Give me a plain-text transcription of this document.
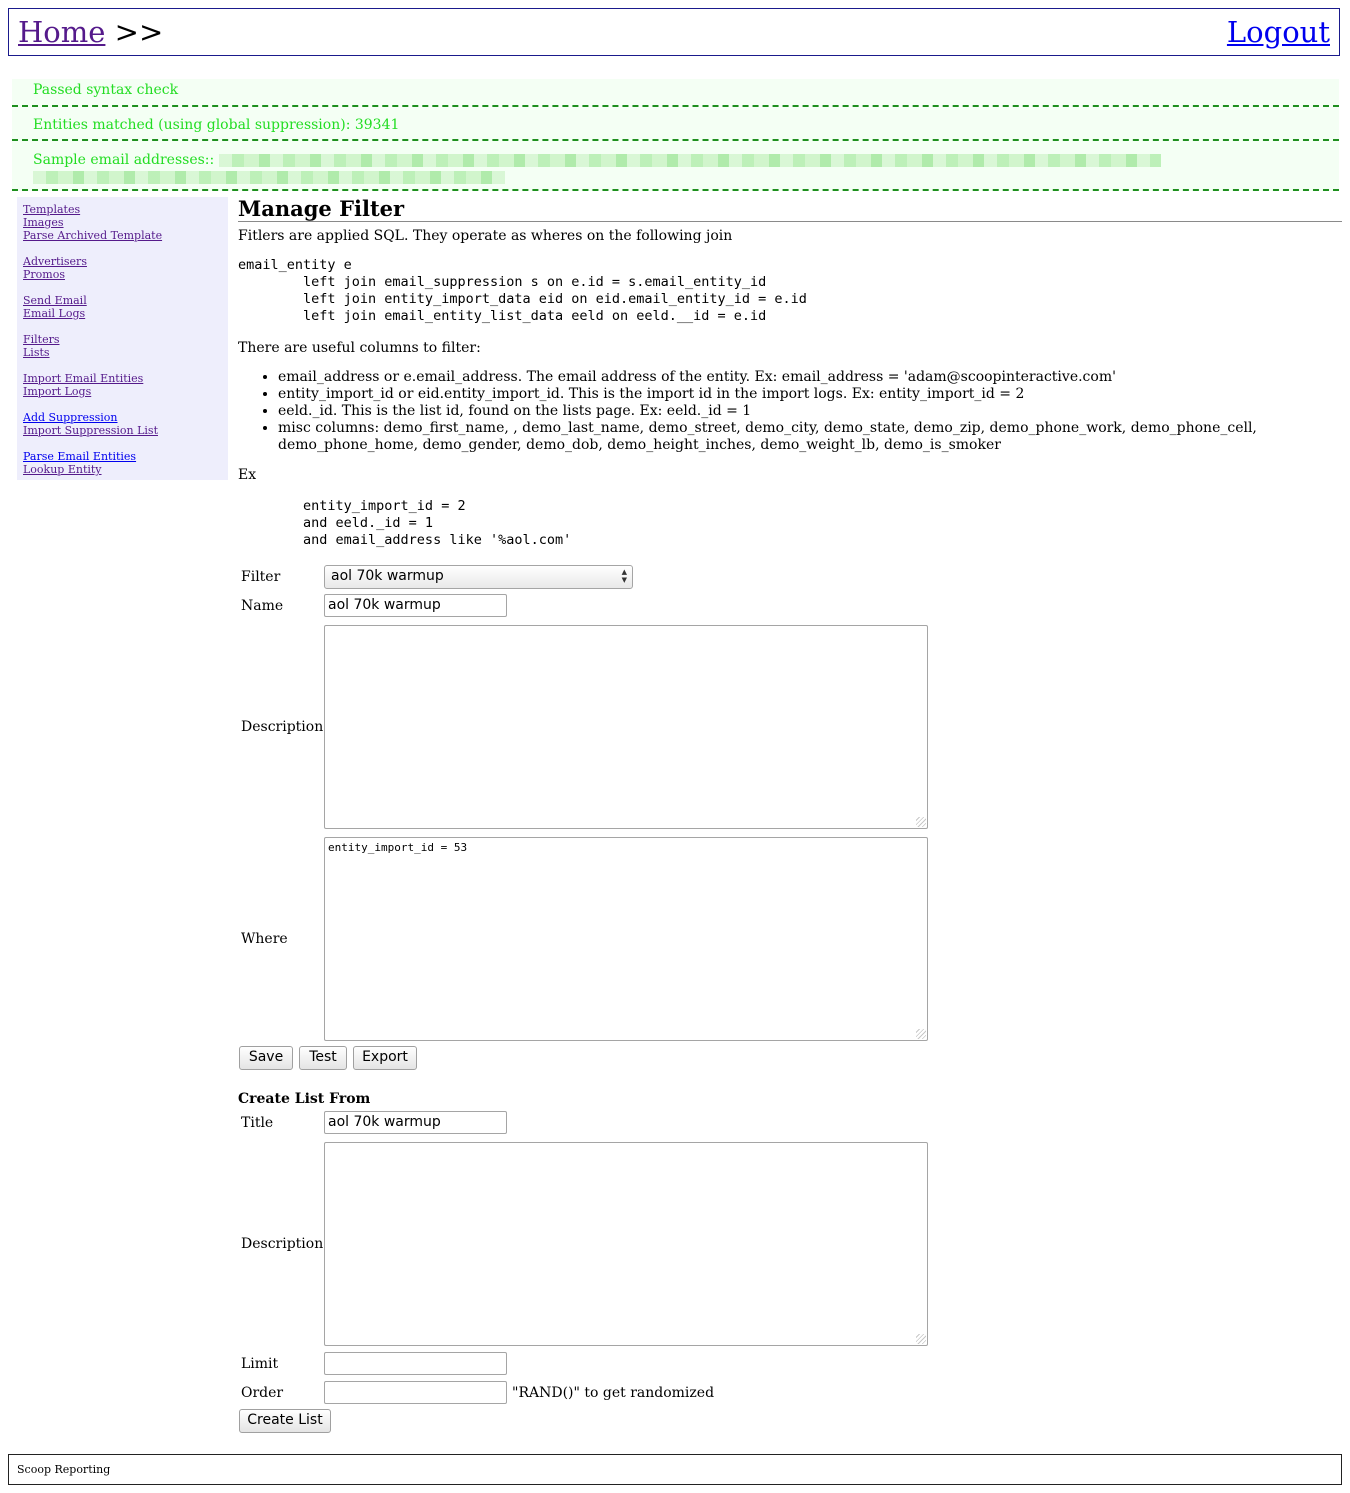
Home >>	Logout
Passed syntax check
Entities matched (using global suppression): 39341
Sample email addresses::

Templates
Images
Parse Archived Template
Advertisers
Promos
Send Email
Email Logs
Filters
Lists
Import Email Entities
Import Logs
Add Suppression
Import Suppression List
Parse Email Entities
Lookup Entity
Manage Filter
Fitlers are applied SQL. They operate as wheres on the following join
email_entity e
left join email_suppression s on e.id = s.email_entity_id
left join entity_import_data eid on eid.email_entity_id = e.id
left join email_entity_list_data eeld on eeld.__id = e.id
There are useful columns to filter:
• email_address or e.email_address. The email address of the entity. Ex: email_address = 'adam@scoopinteractive.com'
• entity_import_id or eid.entity_import_id. This is the import id in the import logs. Ex: entity_import_id = 2
• eeld._id. This is the list id, found on the lists page. Ex: eeld._id = 1
• misc columns: demo_first_name, , demo_last_name, demo_street, demo_city, demo_state, demo_zip, demo_phone_work, demo_phone_cell, demo_phone_home, demo_gender, demo_dob, demo_height_inches, demo_weight_lb, demo_is_smoker
Ex
entity_import_id = 2
and eeld._id = 1
and email_address like '%aol.com'
Filter	aol 70k warmup	▲
▼
Name	aol 70k warmup
Description
Where
entity_import_id = 53
Save	Test	Export
Create List From
Title	aol 70k warmup
Description
Limit
Order	"RAND()" to get randomized
Create List
Scoop Reporting
